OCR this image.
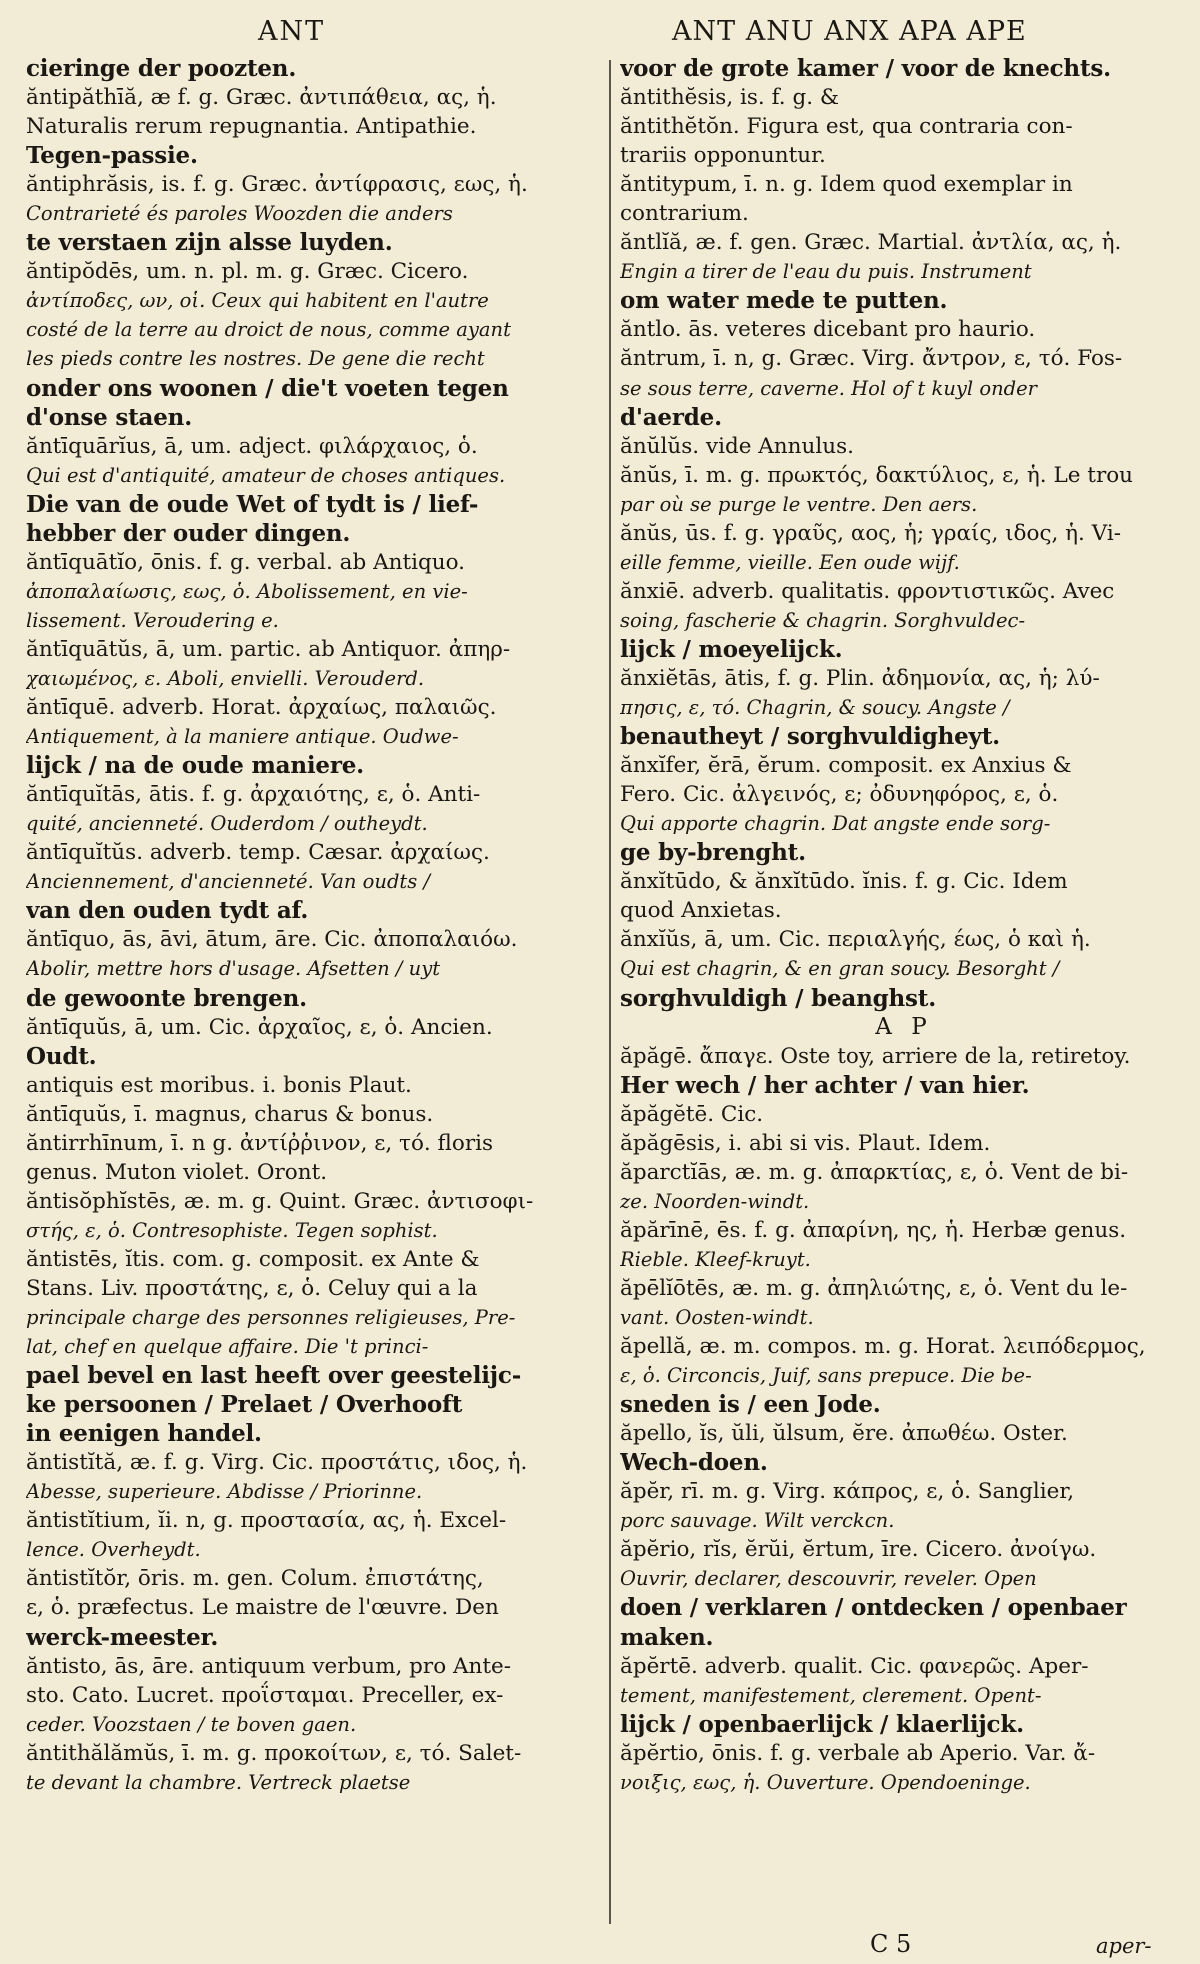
ANT	ANT ANU ANX APA APE
cieringe der poozten.
ăntipăthīă, æ f. g. Græc. ἀντιπάθεια, ας, ἡ.
Naturalis rerum repugnantia. Antipathie.
Tegen-passie.
ăntiphrăsis, is. f. g. Græc. ἀντίφρασις, εως, ἡ.
Contrarieté és paroles Woozden die anders
te verstaen zijn alsse luyden.
ăntipŏdēs, um. n. pl. m. g. Græc. Cicero.
ἀντίποδες, ων, οἱ. Ceux qui habitent en l'autre
costé de la terre au droict de nous, comme ayant
les pieds contre les nostres. De gene die recht
onder ons woonen / die't voeten tegen
d'onse staen.
ăntīquārĭus, ā, um. adject. φιλάρχαιος, ὁ.
Qui est d'antiquité, amateur de choses antiques.
Die van de oude Wet of tydt is / lief-
hebber der ouder dingen.
ăntīquātĭo, ōnis. f. g. verbal. ab Antiquo.
ἀποπαλαίωσις, εως, ὁ. Abolissement, en vie-
lissement. Veroudering e.
ăntīquātŭs, ā, um. partic. ab Antiquor. ἀπηρ-
χαιωμένος, ε. Aboli, envielli. Verouderd.
ăntīquē. adverb. Horat. ἀρχαίως, παλαιῶς.
Antiquement, à la maniere antique. Oudwe-
lijck / na de oude maniere.
ăntīquĭtās, ātis. f. g. ἀρχαιότης, ε, ὁ. Anti-
quité, ancienneté. Ouderdom / outheydt.
ăntīquĭtŭs. adverb. temp. Cæsar. ἀρχαίως.
Anciennement, d'ancienneté. Van oudts /
van den ouden tydt af.
ăntīquo, ās, āvi, ātum, āre. Cic. ἀποπαλαιόω.
Abolir, mettre hors d'usage. Afsetten / uyt
de gewoonte brengen.
ăntīquŭs, ā, um. Cic. ἀρχαῖος, ε, ὁ. Ancien.
Oudt.
antiquis est moribus. i. bonis Plaut.
ăntīquŭs, ī. magnus, charus & bonus.
ăntirrhīnum, ī. n g. ἀντίῤῥινον, ε, τό. floris
genus. Muton violet. Oront.
ăntisŏphĭstēs, æ. m. g. Quint. Græc. ἀντισοφι-
στής, ε, ὁ. Contresophiste. Tegen sophist.
ăntistēs, ĭtis. com. g. composit. ex Ante &
Stans. Liv. προστάτης, ε, ὁ. Celuy qui a la
principale charge des personnes religieuses, Pre-
lat, chef en quelque affaire. Die 't princi-
pael bevel en last heeft over geestelijc-
ke persoonen / Prelaet / Overhooft
in eenigen handel.
ăntistĭtă, æ. f. g. Virg. Cic. προστάτις, ιδος, ἡ.
Abesse, superieure. Abdisse / Priorinne.
ăntistĭtium, ĭi. n, g. προστασία, ας, ἡ. Excel-
lence. Overheydt.
ăntistĭtŏr, ōris. m. gen. Colum. ἐπιστάτης,
ε, ὁ. præfectus. Le maistre de l'œuvre. Den
werck-meester.
ăntisto, ās, āre. antiquum verbum, pro Ante-
sto. Cato. Lucret. προΐσταμαι. Preceller, ex-
ceder. Voozstaen / te boven gaen.
ăntithălămŭs, ī. m. g. προκοίτων, ε, τό. Salet-
te devant la chambre. Vertreck plaetse
voor de grote kamer / voor de knechts.
ăntithĕsis, is. f. g. &
ăntithĕtŏn. Figura est, qua contraria con-
trariis opponuntur.
ăntitypum, ī. n. g. Idem quod exemplar in
contrarium.
ăntlĭă, æ. f. gen. Græc. Martial. ἀντλία, ας, ἡ.
Engin a tirer de l'eau du puis. Instrument
om water mede te putten.
ăntlo. ās. veteres dicebant pro haurio.
ăntrum, ī. n, g. Græc. Virg. ἄντρον, ε, τό. Fos-
se sous terre, caverne. Hol of t kuyl onder
d'aerde.
ănŭlŭs. vide Annulus.
ănŭs, ī. m. g. πρωκτός, δακτύλιος, ε, ἡ. Le trou
par où se purge le ventre. Den aers.
ănŭs, ūs. f. g. γραῦς, αος, ἡ; γραίς, ιδος, ἡ. Vi-
eille femme, vieille. Een oude wijf.
ănxiē. adverb. qualitatis. φροντιστικῶς. Avec
soing, fascherie & chagrin. Sorghvuldec-
lijck / moeyelijck.
ănxiĕtās, ātis, f. g. Plin. ἀδημονία, ας, ἡ; λύ-
πησις, ε, τό. Chagrin, & soucy. Angste /
benautheyt / sorghvuldigheyt.
ănxĭfer, ĕrā, ĕrum. composit. ex Anxius &
Fero. Cic. ἀλγεινός, ε; ὀδυνηφόρος, ε, ὁ.
Qui apporte chagrin. Dat angste ende sorg-
ge by-brenght.
ănxĭtūdo, & ănxĭtūdo. ĭnis. f. g. Cic. Idem
quod Anxietas.
ănxĭŭs, ā, um. Cic. περιαλγής, έως, ὁ καὶ ἡ.
Qui est chagrin, & en gran soucy. Besorght /
sorghvuldigh / beanghst.
A P
ăpăgē. ἄπαγε. Oste toy, arriere de la, retiretoy.
Her wech / her achter / van hier.
ăpăgĕtē. Cic.
ăpăgēsis, i. abi si vis. Plaut. Idem.
ăparctĭās, æ. m. g. ἀπαρκτίας, ε, ὁ. Vent de bi-
ze. Noorden-windt.
ăpărīnē, ēs. f. g. ἀπαρίνη, ης, ἡ. Herbæ genus.
Rieble. Kleef-kruyt.
ăpēlĭōtēs, æ. m. g. ἀπηλιώτης, ε, ὁ. Vent du le-
vant. Oosten-windt.
ăpellă, æ. m. compos. m. g. Horat. λειπόδερμος,
ε, ὁ. Circoncis, Juif, sans prepuce. Die be-
sneden is / een Jode.
ăpello, ĭs, ŭli, ŭlsum, ĕre. ἀπωθέω. Oster.
Wech-doen.
ăpĕr, rī. m. g. Virg. κάπρος, ε, ὁ. Sanglier,
porc sauvage. Wilt verckcn.
ăpĕrio, rĭs, ĕrŭi, ĕrtum, īre. Cicero. ἀνοίγω.
Ouvrir, declarer, descouvrir, reveler. Open
doen / verklaren / ontdecken / openbaer
maken.
ăpĕrtē. adverb. qualit. Cic. φανερῶς. Aper-
tement, manifestement, clerement. Opent-
lijck / openbaerlijck / klaerlijck.
ăpĕrtio, ōnis. f. g. verbale ab Aperio. Var. ἄ-
νοιξις, εως, ἡ. Ouverture. Opendoeninge.
C 5	aper-
